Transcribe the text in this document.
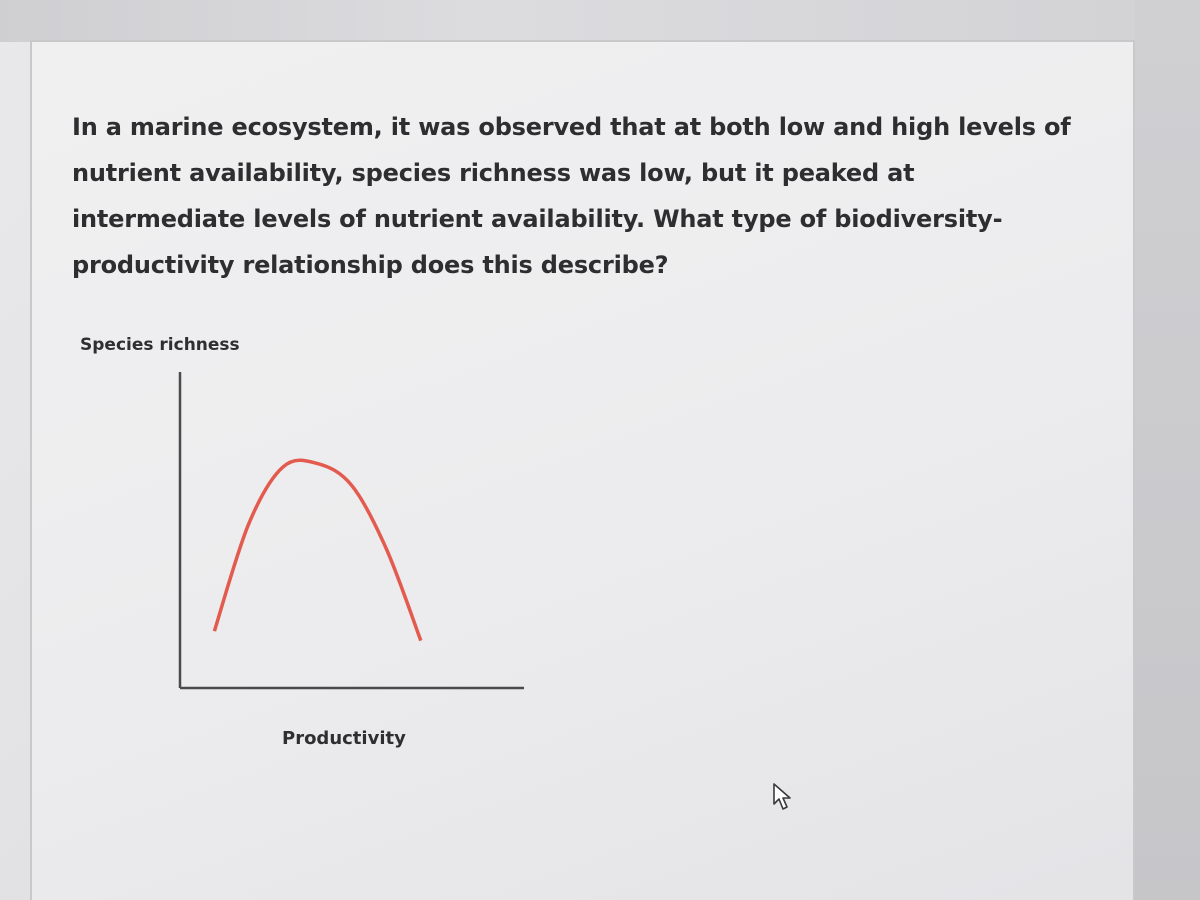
In a marine ecosystem, it was observed that at both low and high levels of nutrient availability, species richness was low, but it peaked at intermediate levels of nutrient availability. What type of biodiversity-productivity relationship does this describe?

Species richness
Productivity
